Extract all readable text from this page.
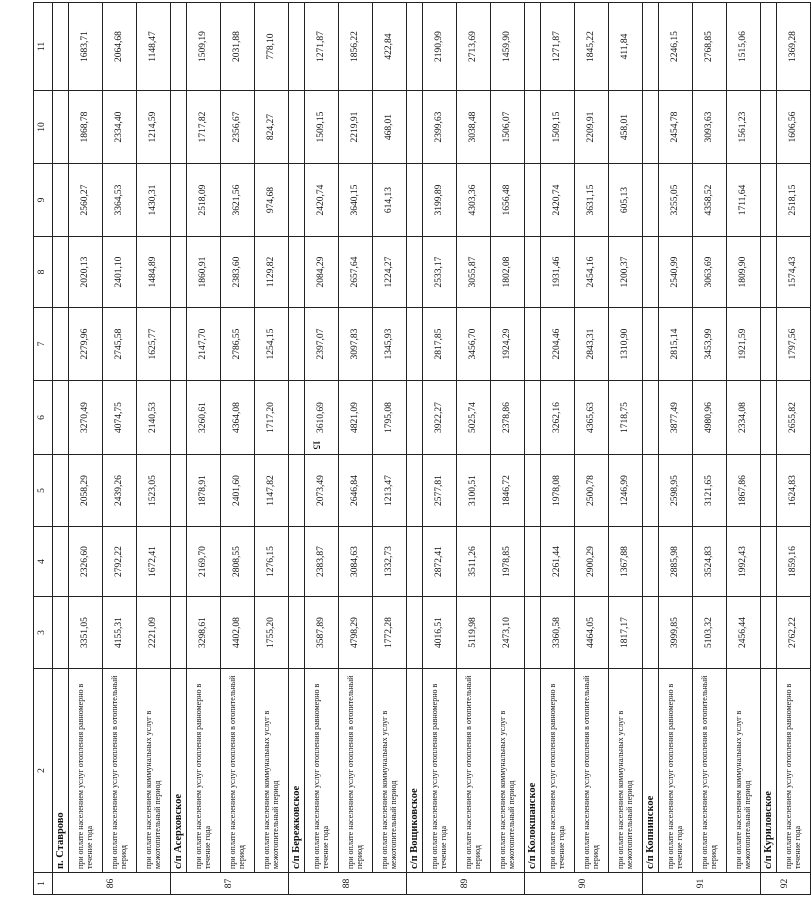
15
1	2	3	4	5	6	7	8	9	10	11
86	п. Ставрово									
	при оплате населением услуг отопления равномерно в течение года	3351,05	2326,60	2058,29	3270,49	2279,96	2020,13	2560,27	1868,78	1683,71
	при оплате населением услуг отопления в отопительный период	4155,31	2792,22	2439,26	4074,75	2745,58	2401,10	3364,53	2334,40	2064,68
	при оплате населением коммунальных услуг в межотопительный период	2221,09	1672,41	1523,05	2140,53	1625,77	1484,89	1430,31	1214,59	1148,47
87	с/п Асерховское									
	при оплате населением услуг отопления равномерно в течение года	3298,61	2169,70	1878,91	3260,61	2147,70	1860,91	2518,09	1717,82	1509,19
	при оплате населением услуг отопления в отопительный период	4402,08	2808,55	2401,60	4364,08	2786,55	2383,60	3621,56	2356,67	2031,88
	при оплате населением коммунальных услуг в межотопительный период	1755,20	1276,15	1147,82	1717,20	1254,15	1129,82	974,68	824,27	778,10
88	с/п Бережковское									
	при оплате населением услуг отопления равномерно в течение года	3587,89	2383,87	2073,49	3610,69	2397,07	2084,29	2420,74	1509,15	1271,87
	при оплате населением услуг отопления в отопительный период	4798,29	3084,63	2646,84	4821,09	3097,83	2657,64	3640,15	2219,91	1856,22
	при оплате населением коммунальных услуг в межотопительный период	1772,28	1332,73	1213,47	1795,08	1345,93	1224,27	614,13	468,01	422,84
89	с/п Вощиковское									
	при оплате населением услуг отопления равномерно в течение года	4016,51	2872,41	2577,81	3922,27	2817,85	2533,17	3199,89	2399,63	2190,99
	при оплате населением услуг отопления в отопительный период	5119,98	3511,26	3100,51	5025,74	3456,70	3055,87	4303,36	3038,48	2713,69
	при оплате населением коммунальных услуг в межотопительный период	2473,10	1978,85	1846,72	2378,86	1924,29	1802,08	1656,48	1506,07	1459,90
90	с/п Колокшанское									
	при оплате населением услуг отопления равномерно в течение года	3360,58	2261,44	1978,08	3262,16	2204,46	1931,46	2420,74	1509,15	1271,87
	при оплате населением услуг отопления в отопительный период	4464,05	2900,29	2500,78	4365,63	2843,31	2454,16	3631,15	2209,91	1845,22
	при оплате населением коммунальных услуг в межотопительный период	1817,17	1367,88	1246,99	1718,75	1310,90	1200,37	605,13	458,01	411,84
91	с/п Копнинское									
	при оплате населением услуг отопления равномерно в течение года	3999,85	2885,98	2598,95	3877,49	2815,14	2540,99	3255,05	2454,78	2246,15
	при оплате населением услуг отопления в отопительный период	5103,32	3524,83	3121,65	4980,96	3453,99	3063,69	4358,52	3093,63	2768,85
	при оплате населением коммунальных услуг в межотопительный период	2456,44	1992,43	1867,86	2334,08	1921,59	1809,90	1711,64	1561,23	1515,06
92	с/п Куриловское									
	при оплате населением услуг отопления равномерно в течение года	2762,22	1859,16	1624,83	2655,82	1797,56	1574,43	2518,15	1606,56	1369,28
